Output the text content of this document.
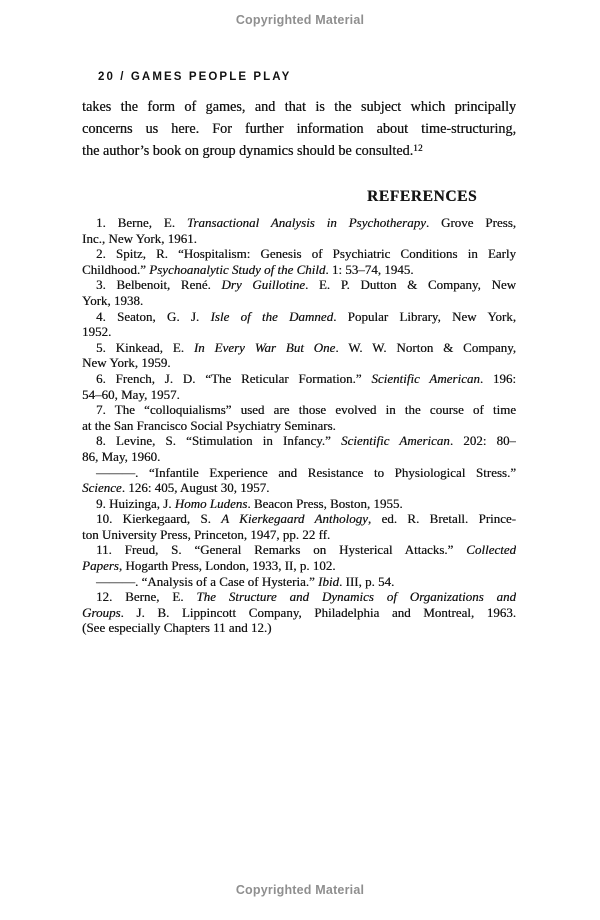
Copyrighted Material
20 / GAMES PEOPLE PLAY
takes the form of games, and that is the subject which principally
concerns us here. For further information about time-structuring,
the author’s book on group dynamics should be consulted.$^{12}$
REFERENCES
1. Berne, E. Transactional Analysis in Psychotherapy. Grove Press,
Inc., New York, 1961.
2. Spitz, R. “Hospitalism: Genesis of Psychiatric Conditions in Early
Childhood.” Psychoanalytic Study of the Child. 1: 53–74, 1945.
3. Belbenoit, René. Dry Guillotine. E. P. Dutton & Company, New
York, 1938.
4. Seaton, G. J. Isle of the Damned. Popular Library, New York,
1952.
5. Kinkead, E. In Every War But One. W. W. Norton & Company,
New York, 1959.
6. French, J. D. “The Reticular Formation.” Scientific American. 196:
54–60, May, 1957.
7. The “colloquialisms” used are those evolved in the course of time
at the San Francisco Social Psychiatry Seminars.
8. Levine, S. “Stimulation in Infancy.” Scientific American. 202: 80–
86, May, 1960.
———. “Infantile Experience and Resistance to Physiological Stress.”
Science. 126: 405, August 30, 1957.
9. Huizinga, J. Homo Ludens. Beacon Press, Boston, 1955.
10. Kierkegaard, S. A Kierkegaard Anthology, ed. R. Bretall. Prince-
ton University Press, Princeton, 1947, pp. 22 ff.
11. Freud, S. “General Remarks on Hysterical Attacks.” Collected
Papers, Hogarth Press, London, 1933, II, p. 102.
———. “Analysis of a Case of Hysteria.” Ibid. III, p. 54.
12. Berne, E. The Structure and Dynamics of Organizations and
Groups. J. B. Lippincott Company, Philadelphia and Montreal, 1963.
(See especially Chapters 11 and 12.)
Copyrighted Material
